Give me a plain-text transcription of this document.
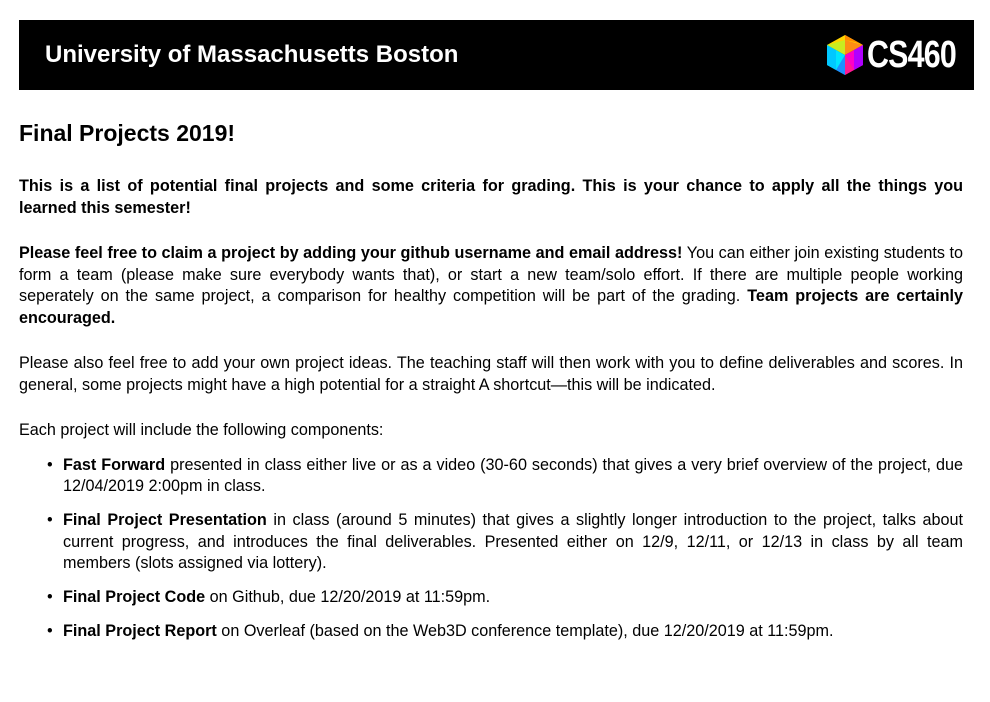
University of Massachusetts Boston	CS460
Final Projects 2019!

This is a list of potential final projects and some criteria for grading. This is your chance to apply all the things you learned this semester!

Please feel free to claim a project by adding your github username and email address! You can either join existing students to form a team (please make sure everybody wants that), or start a new team/solo effort. If there are multiple people working seperately on the same project, a comparison for healthy competition will be part of the grading. Team projects are certainly encouraged.

Please also feel free to add your own project ideas. The teaching staff will then work with you to define deliverables and scores. In general, some projects might have a high potential for a straight A shortcut—this will be indicated.

Each project will include the following components:

• Fast Forward presented in class either live or as a video (30-60 seconds) that gives a very brief overview of the project, due 12/04/2019 2:00pm in class.
• Final Project Presentation in class (around 5 minutes) that gives a slightly longer introduction to the project, talks about current progress, and introduces the final deliverables. Presented either on 12/9, 12/11, or 12/13 in class by all team members (slots assigned via lottery).
• Final Project Code on Github, due 12/20/2019 at 11:59pm.
• Final Project Report on Overleaf (based on the Web3D conference template), due 12/20/2019 at 11:59pm.
